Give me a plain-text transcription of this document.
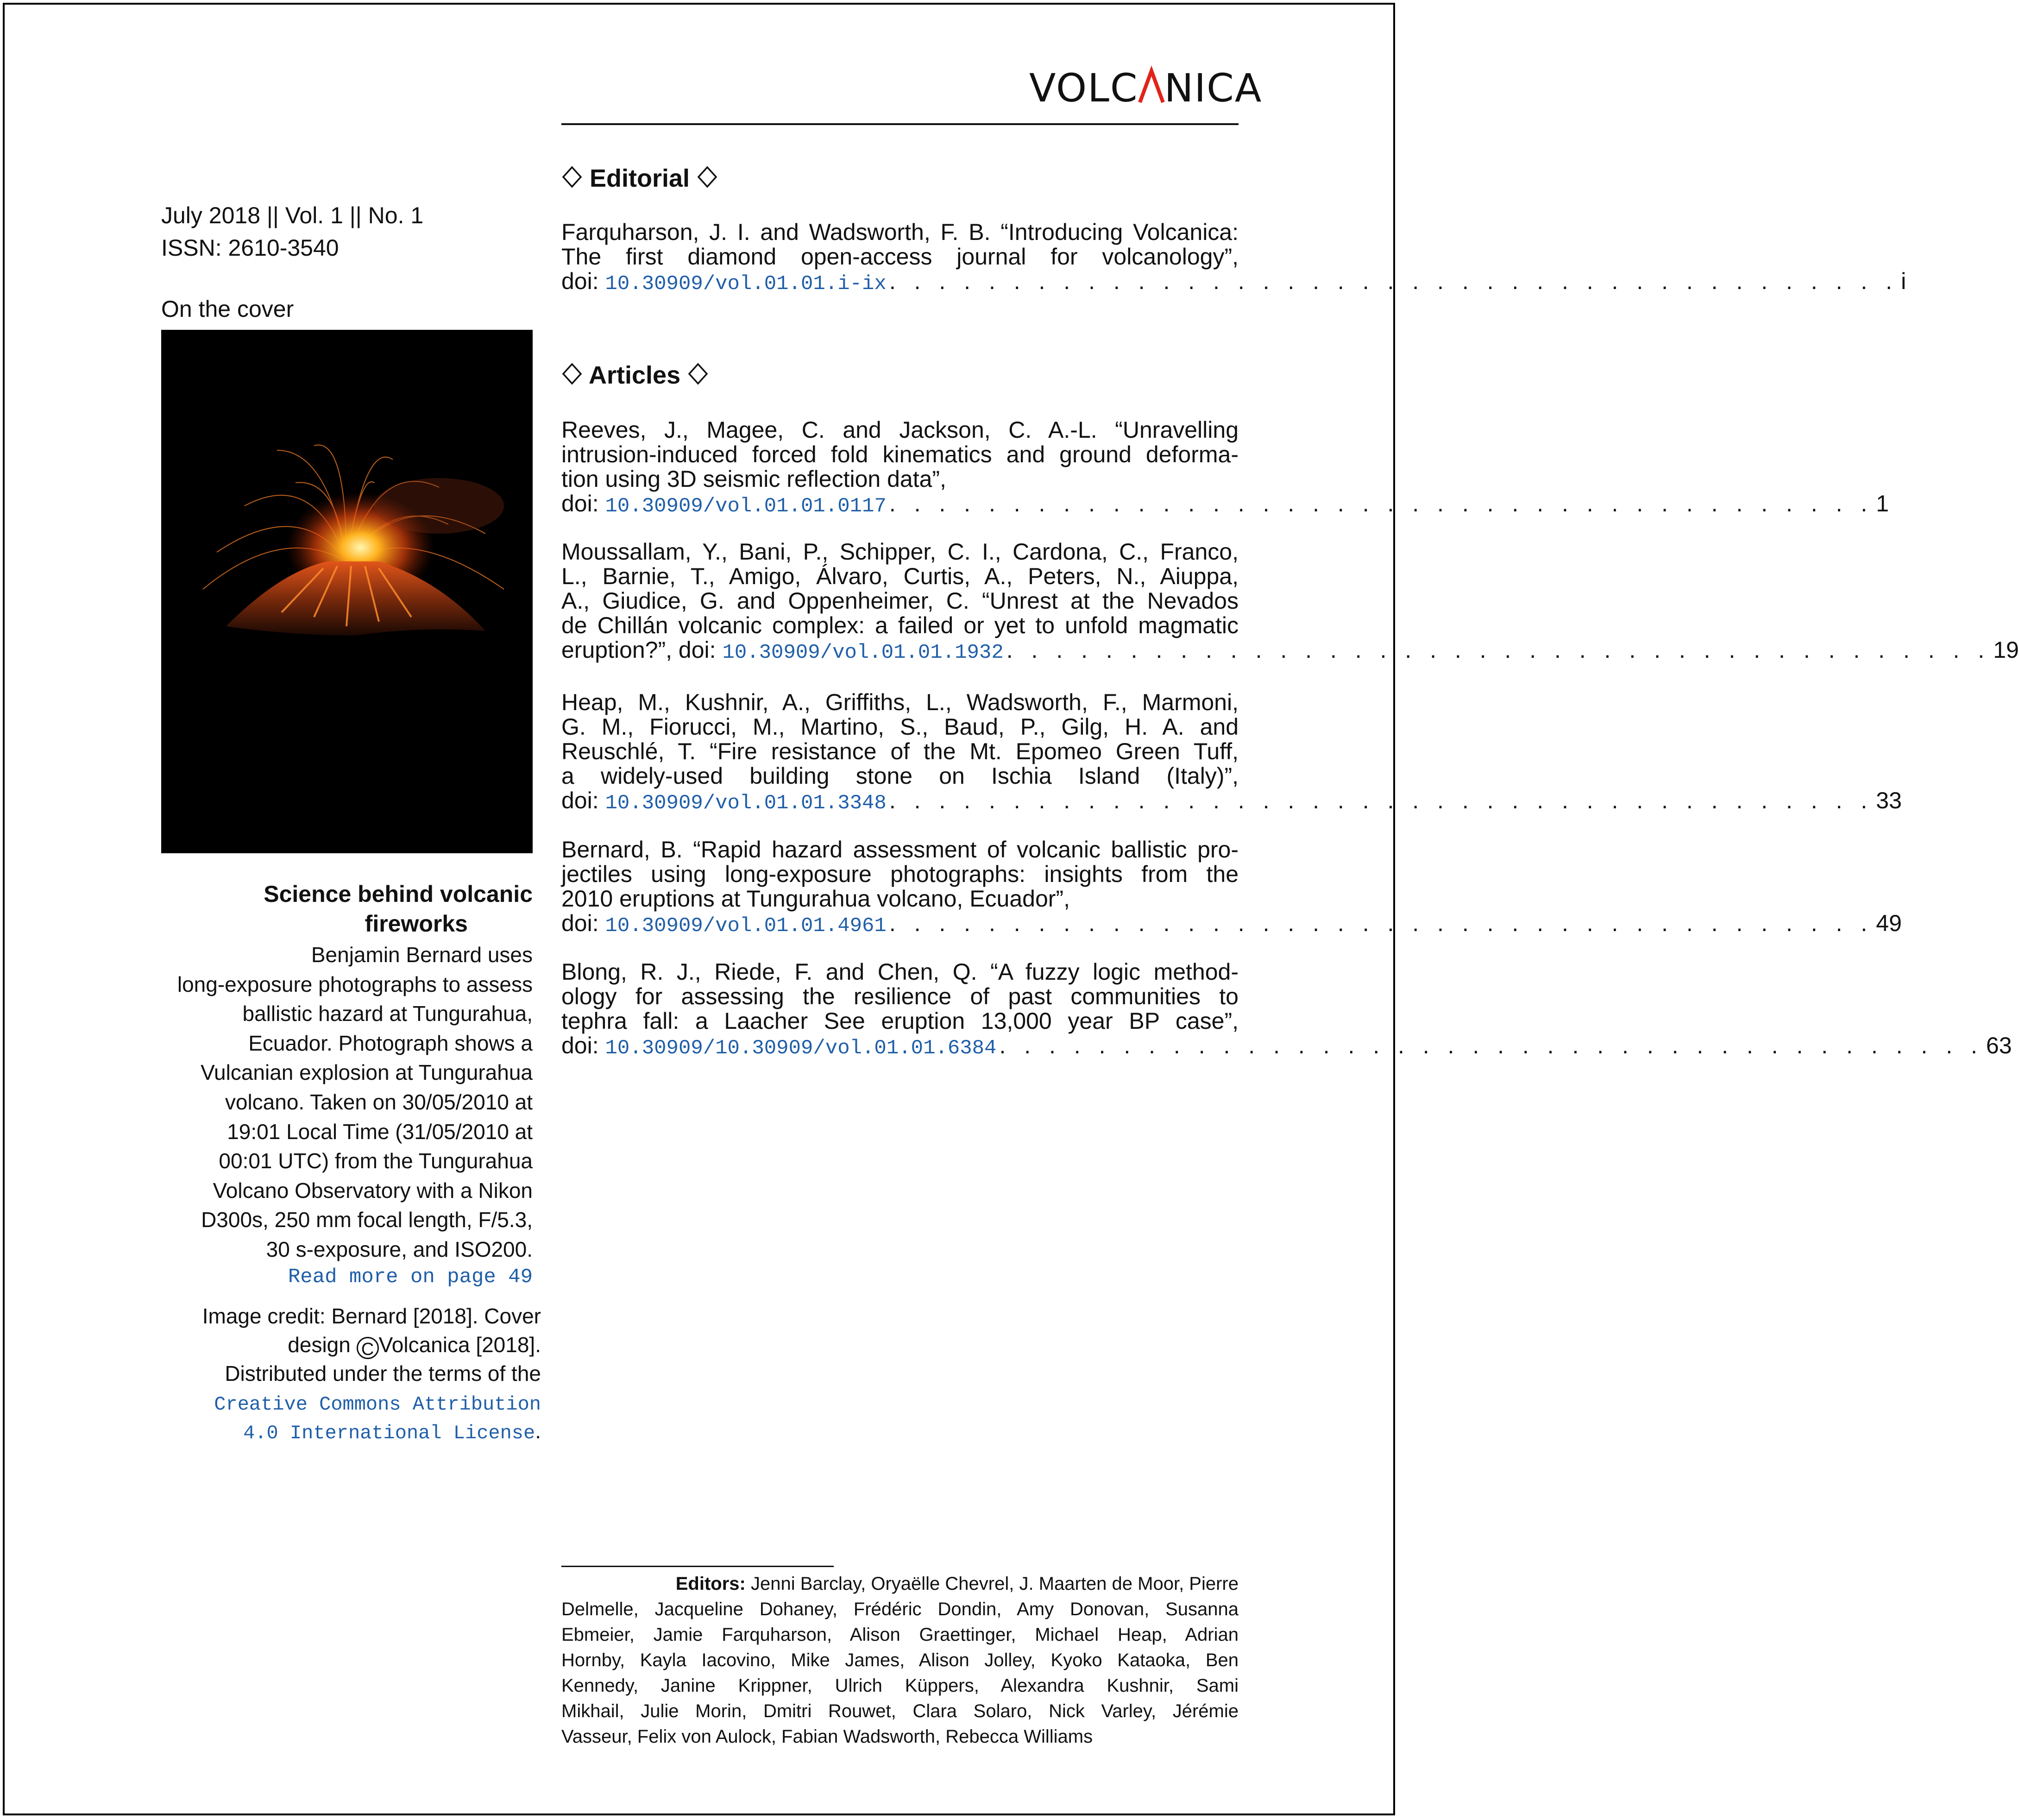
VOLC NICA
July 2018 || Vol. 1 || No. 1
ISSN: 2610-3540
On the cover
Science behind volcanic
fireworks
Benjamin Bernard uses
long-exposure photographs to assess
ballistic hazard at Tungurahua,
Ecuador. Photograph shows a
Vulcanian explosion at Tungurahua
volcano. Taken on 30/05/2010 at
19:01 Local Time (31/05/2010 at
00:01 UTC) from the Tungurahua
Volcano Observatory with a Nikon
D300s, 250 mm focal length, F/5.3,
30 s-exposure, and ISO200.
Read more on page 49
Image credit: Bernard [2018]. Cover
design C Volcanica [2018].
Distributed under the terms of the
Creative Commons Attribution
4.0 International License.
Editorial
Farquharson, J. I. and Wadsworth, F. B. “Introducing Volcanica:
The first diamond open-access journal for volcanology”,
doi: 10.30909/vol.01.01.i-ix . . . . . . . . . . . . . . . . . . . . . . . . . . . . . . . . . . . . . . . . . i
Articles
Reeves, J., Magee, C. and Jackson, C. A.-L. “Unravelling
intrusion-induced forced fold kinematics and ground deforma-
tion using 3D seismic reflection data”,
doi: 10.30909/vol.01.01.0117 . . . . . . . . . . . . . . . . . . . . . . . . . . . . . . . . . . . . . . . . 1
Moussallam, Y., Bani, P., Schipper, C. I., Cardona, C., Franco,
L., Barnie, T., Amigo, Álvaro, Curtis, A., Peters, N., Aiuppa,
A., Giudice, G. and Oppenheimer, C. “Unrest at the Nevados
de Chillán volcanic complex: a failed or yet to unfold magmatic
eruption?”, doi: 10.30909/vol.01.01.1932 . . . . . . . . . . . . . . . . . . . . . . . . . . . . . . . . . . . . . . . . 19
Heap, M., Kushnir, A., Griffiths, L., Wadsworth, F., Marmoni,
G. M., Fiorucci, M., Martino, S., Baud, P., Gilg, H. A. and
Reuschlé, T. “Fire resistance of the Mt. Epomeo Green Tuff,
a widely-used building stone on Ischia Island (Italy)”,
doi: 10.30909/vol.01.01.3348 . . . . . . . . . . . . . . . . . . . . . . . . . . . . . . . . . . . . . . . . 33
Bernard, B. “Rapid hazard assessment of volcanic ballistic pro-
jectiles using long-exposure photographs: insights from the
2010 eruptions at Tungurahua volcano, Ecuador”,
doi: 10.30909/vol.01.01.4961 . . . . . . . . . . . . . . . . . . . . . . . . . . . . . . . . . . . . . . . . 49
Blong, R. J., Riede, F. and Chen, Q. “A fuzzy logic method-
ology for assessing the resilience of past communities to
tephra fall: a Laacher See eruption 13,000 year BP case”,
doi: 10.30909/10.30909/vol.01.01.6384 . . . . . . . . . . . . . . . . . . . . . . . . . . . . . . . . . . . . . . . . 63
Editors: Jenni Barclay, Oryaëlle Chevrel, J. Maarten de Moor, Pierre
Delmelle, Jacqueline Dohaney, Frédéric Dondin, Amy Donovan, Susanna
Ebmeier, Jamie Farquharson, Alison Graettinger, Michael Heap, Adrian
Hornby, Kayla Iacovino, Mike James, Alison Jolley, Kyoko Kataoka, Ben
Kennedy, Janine Krippner, Ulrich Küppers, Alexandra Kushnir, Sami
Mikhail, Julie Morin, Dmitri Rouwet, Clara Solaro, Nick Varley, Jérémie
Vasseur, Felix von Aulock, Fabian Wadsworth, Rebecca Williams
